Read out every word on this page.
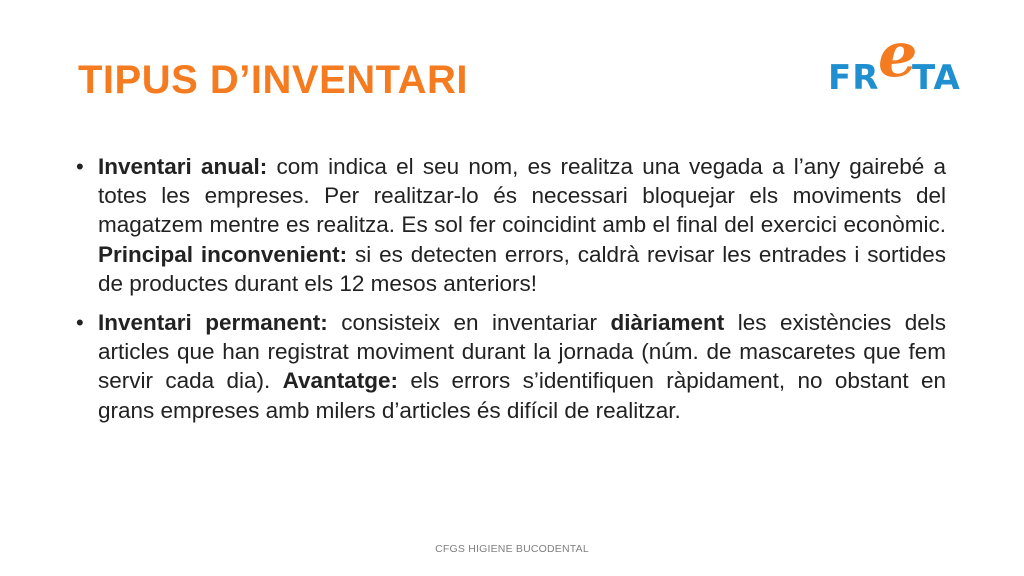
TIPUS D’INVENTARI	FR
e
TA
• Inventari anual: com indica el seu nom, es realitza una vegada a l’any gairebé a totes les empreses. Per realitzar-lo és necessari bloquejar els moviments del magatzem mentre es realitza. Es sol fer coincidint amb el final del exercici econòmic. Principal inconvenient: si es detecten errors, caldrà revisar les entrades i sortides de productes durant els 12 mesos anteriors!
• Inventari permanent: consisteix en inventariar diàriament les existències dels articles que han registrat moviment durant la jornada (núm. de mascaretes que fem servir cada dia). Avantatge: els errors s’identifiquen ràpidament, no obstant en grans empreses amb milers d’articles és difícil de realitzar.
CFGS HIGIENE BUCODENTAL
